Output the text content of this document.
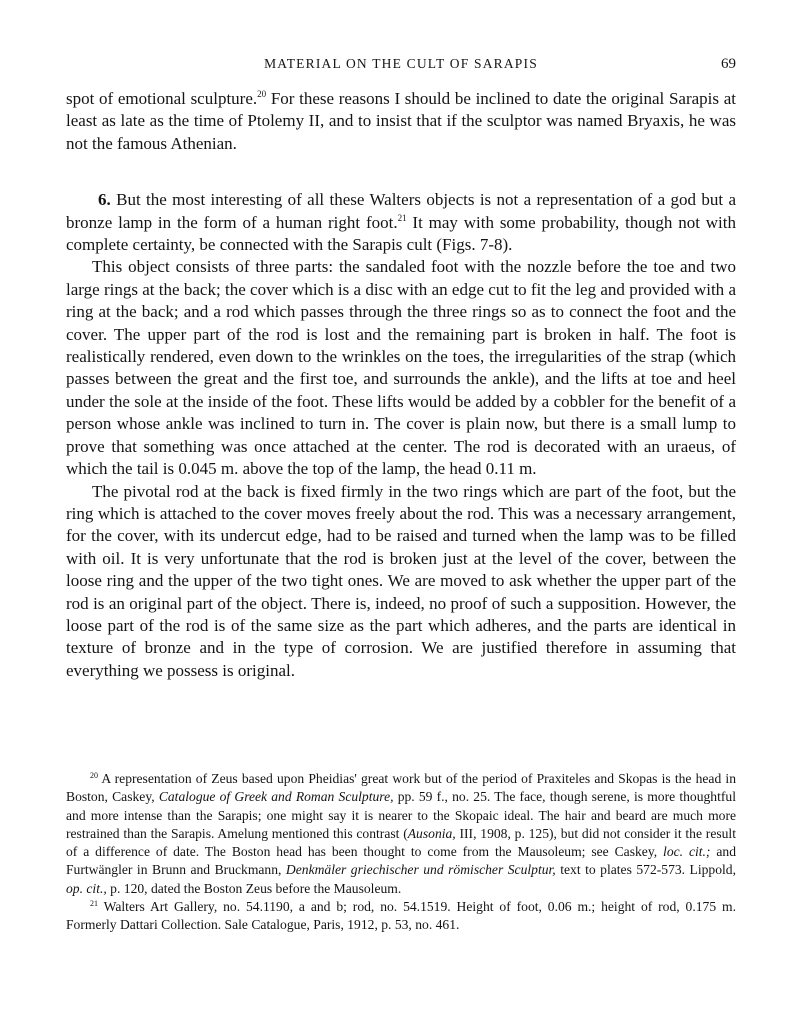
MATERIAL ON THE CULT OF SARAPIS	69

spot of emotional sculpture.$^{20}$ For these reasons I should be inclined to date the original Sarapis at least as late as the time of Ptolemy II, and to insist that if the sculptor was named Bryaxis, he was not the famous Athenian.

6. But the most interesting of all these Walters objects is not a representation of a god but a bronze lamp in the form of a human right foot.$^{21}$ It may with some probability, though not with complete certainty, be connected with the Sarapis cult (Figs. 7-8).

This object consists of three parts: the sandaled foot with the nozzle before the toe and two large rings at the back; the cover which is a disc with an edge cut to fit the leg and provided with a ring at the back; and a rod which passes through the three rings so as to connect the foot and the cover. The upper part of the rod is lost and the remaining part is broken in half. The foot is realistically rendered, even down to the wrinkles on the toes, the irregularities of the strap (which passes between the great and the first toe, and surrounds the ankle), and the lifts at toe and heel under the sole at the inside of the foot. These lifts would be added by a cobbler for the benefit of a person whose ankle was inclined to turn in. The cover is plain now, but there is a small lump to prove that something was once attached at the center. The rod is decorated with an uraeus, of which the tail is 0.045 m. above the top of the lamp, the head 0.11 m.

The pivotal rod at the back is fixed firmly in the two rings which are part of the foot, but the ring which is attached to the cover moves freely about the rod. This was a necessary arrangement, for the cover, with its undercut edge, had to be raised and turned when the lamp was to be filled with oil. It is very unfortunate that the rod is broken just at the level of the cover, between the loose ring and the upper of the two tight ones. We are moved to ask whether the upper part of the rod is an original part of the object. There is, indeed, no proof of such a supposition. However, the loose part of the rod is of the same size as the part which adheres, and the parts are identical in texture of bronze and in the type of corrosion. We are justified therefore in assuming that everything we possess is original.

$^{20}$ A representation of Zeus based upon Pheidias' great work but of the period of Praxiteles and Skopas is the head in Boston, Caskey, Catalogue of Greek and Roman Sculpture, pp. 59 f., no. 25. The face, though serene, is more thoughtful and more intense than the Sarapis; one might say it is nearer to the Skopaic ideal. The hair and beard are much more restrained than the Sarapis. Amelung mentioned this contrast (Ausonia, III, 1908, p. 125), but did not consider it the result of a difference of date. The Boston head has been thought to come from the Mausoleum; see Caskey, loc. cit.; and Furtwängler in Brunn and Bruckmann, Denkmäler griechischer und römischer Sculptur, text to plates 572-573. Lippold, op. cit., p. 120, dated the Boston Zeus before the Mausoleum.

$^{21}$ Walters Art Gallery, no. 54.1190, a and b; rod, no. 54.1519. Height of foot, 0.06 m.; height of rod, 0.175 m. Formerly Dattari Collection. Sale Catalogue, Paris, 1912, p. 53, no. 461.
